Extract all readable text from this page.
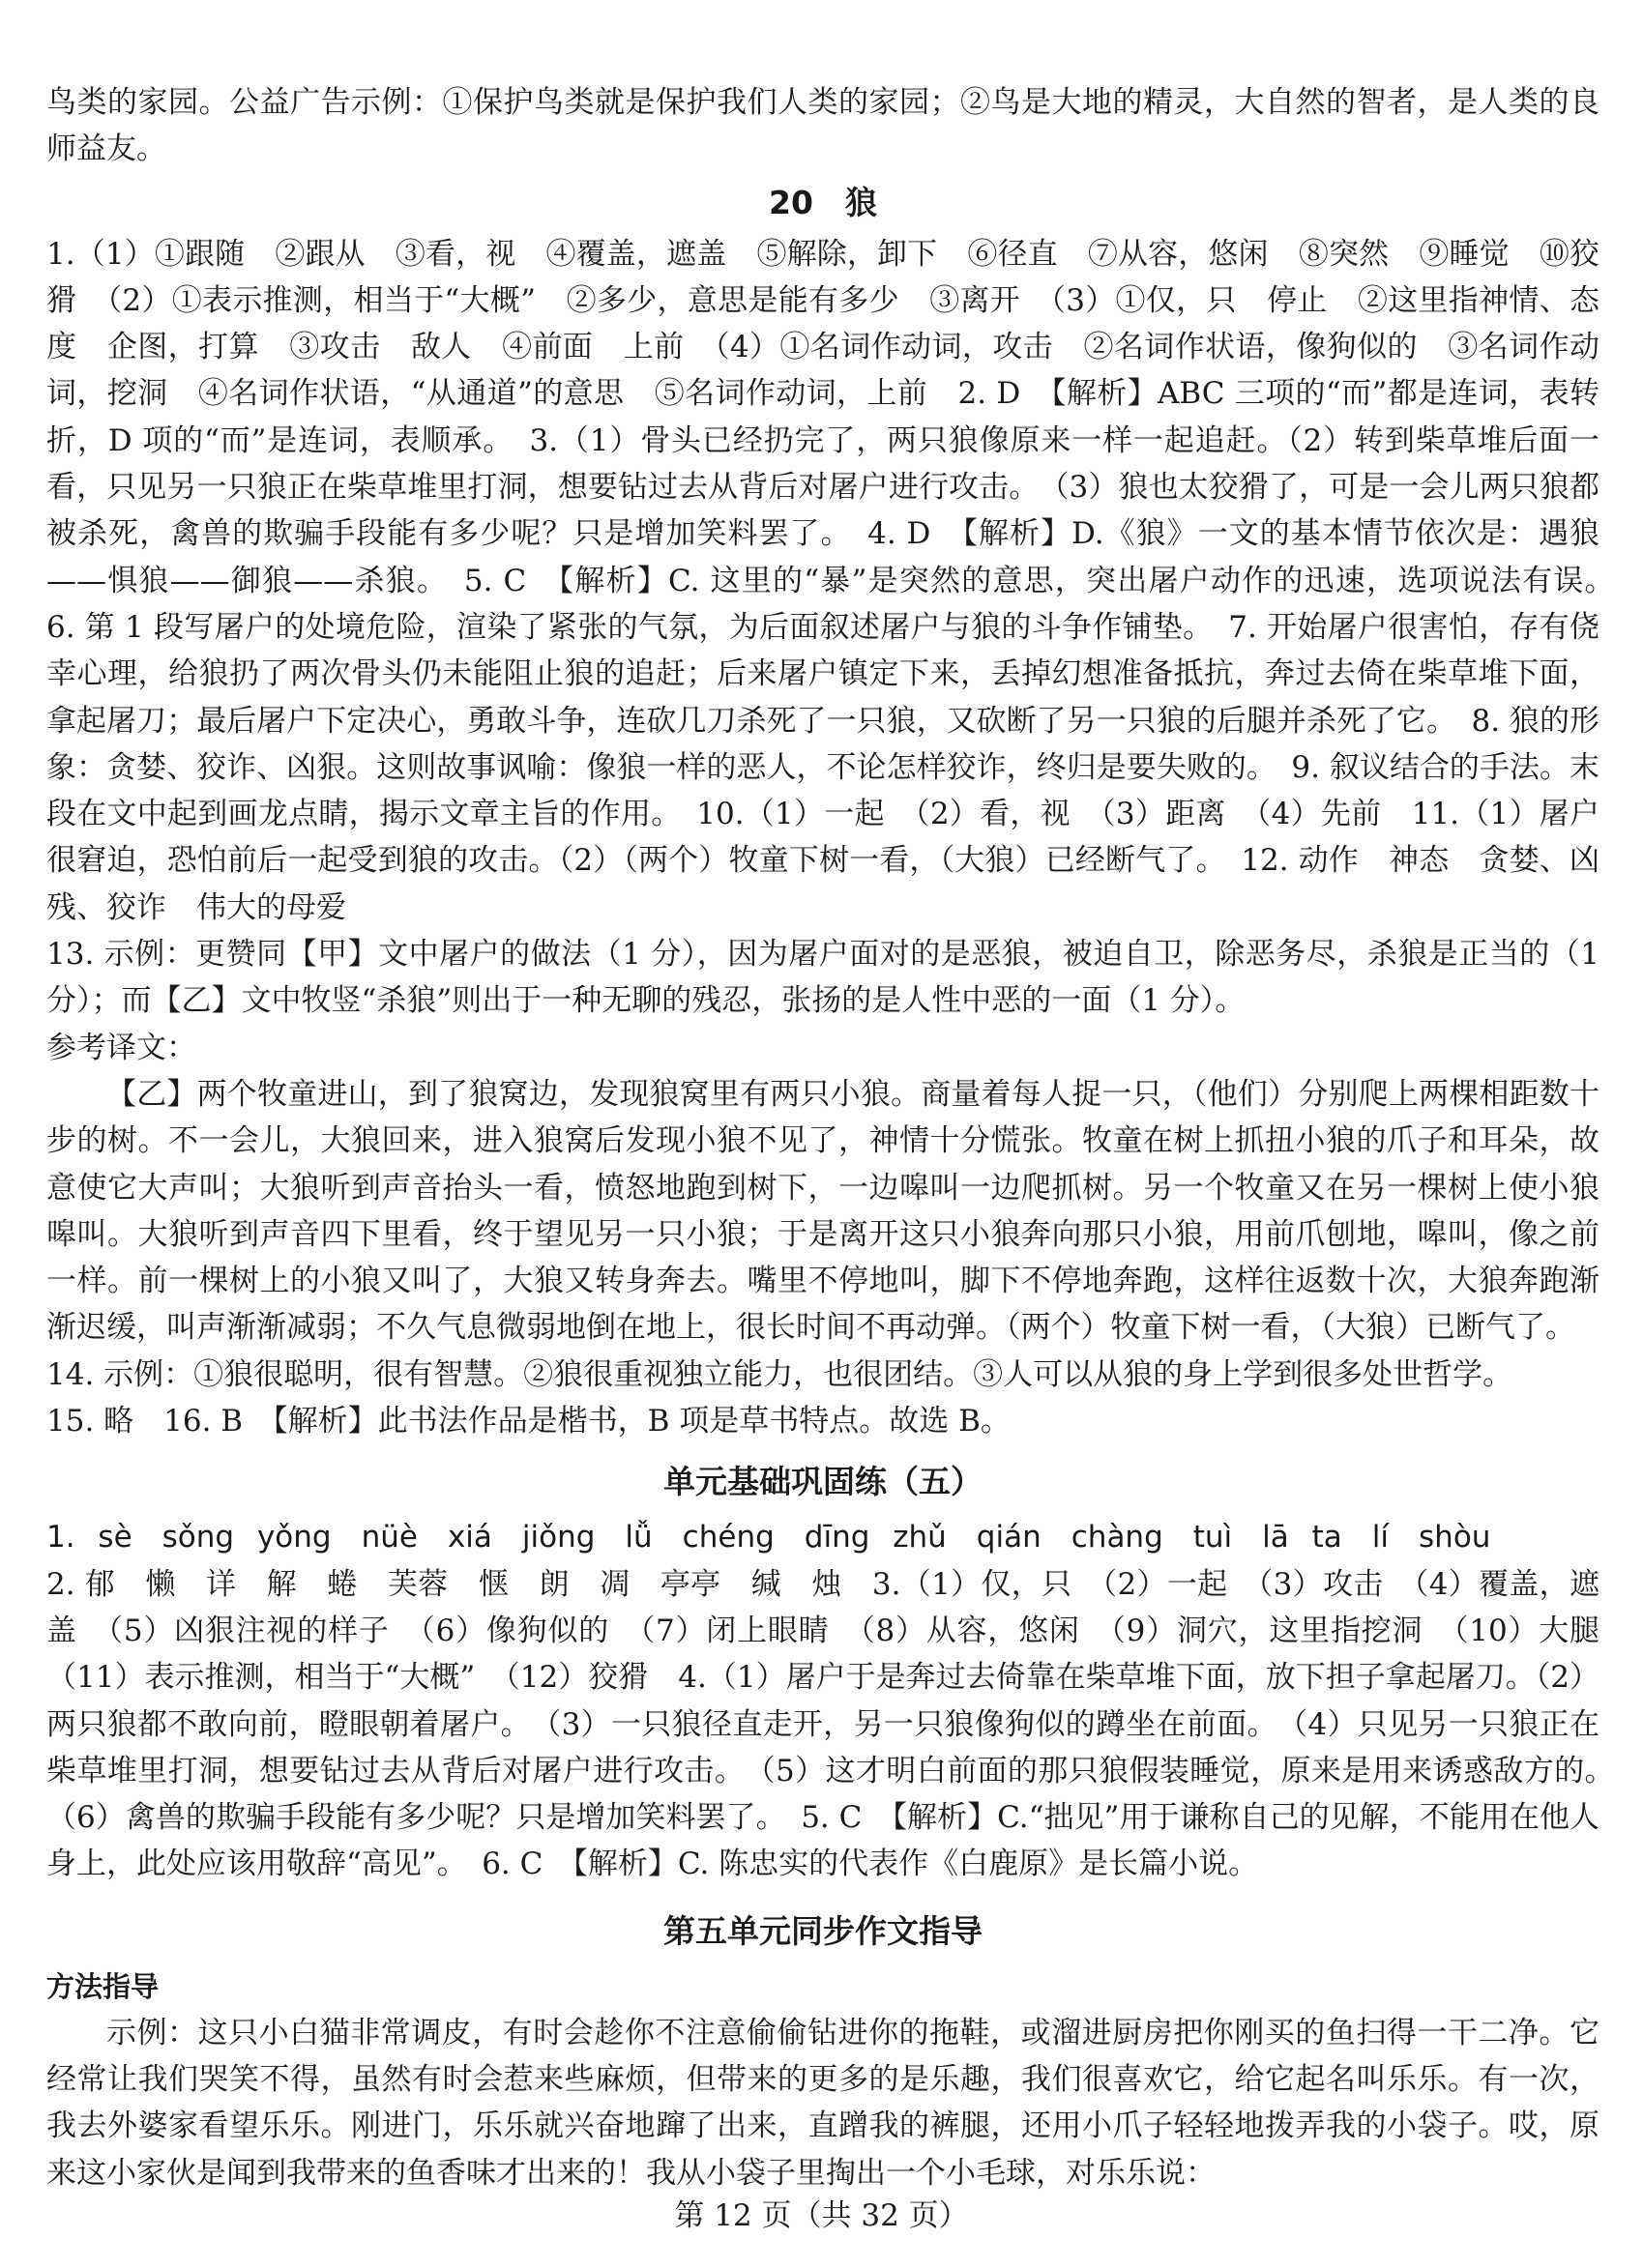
鸟类的家园。公益广告示例：①保护鸟类就是保护我们人类的家园；②鸟是大地的精灵，大自然的智者，是人类的良师益友。

20　狼

1.（1）①跟随　②跟从　③看，视　④覆盖，遮盖　⑤解除，卸下　⑥径直　⑦从容，悠闲　⑧突然　⑨睡觉　⑩狡猾　（2）①表示推测，相当于“大概”　②多少，意思是能有多少　③离开　（3）①仅，只　停止　②这里指神情、态度　企图，打算　③攻击　敌人　④前面　上前　（4）①名词作动词，攻击　②名词作状语，像狗似的　③名词作动词，挖洞　④名词作状语，“从通道”的意思　⑤名词作动词，上前　2. D　【解析】ABC 三项的“而”都是连词，表转折，D 项的“而”是连词，表顺承。　3.（1）骨头已经扔完了，两只狼像原来一样一起追赶。（2）转到柴草堆后面一看，只见另一只狼正在柴草堆里打洞，想要钻过去从背后对屠户进行攻击。　（3）狼也太狡猾了，可是一会儿两只狼都被杀死，禽兽的欺骗手段能有多少呢？只是增加笑料罢了。　4. D　【解析】D.《狼》一文的基本情节依次是：遇狼——惧狼——御狼——杀狼。　5. C　【解析】C. 这里的“暴”是突然的意思，突出屠户动作的迅速，选项说法有误。　6. 第 1 段写屠户的处境危险，渲染了紧张的气氛，为后面叙述屠户与狼的斗争作铺垫。　7. 开始屠户很害怕，存有侥幸心理，给狼扔了两次骨头仍未能阻止狼的追赶；后来屠户镇定下来，丢掉幻想准备抵抗，奔过去倚在柴草堆下面，拿起屠刀；最后屠户下定决心，勇敢斗争，连砍几刀杀死了一只狼，又砍断了另一只狼的后腿并杀死了它。　8. 狼的形象：贪婪、狡诈、凶狠。这则故事讽喻：像狼一样的恶人，不论怎样狡诈，终归是要失败的。　9. 叙议结合的手法。末段在文中起到画龙点睛，揭示文章主旨的作用。　10.（1）一起　（2）看，视　（3）距离　（4）先前　11.（1）屠户很窘迫，恐怕前后一起受到狼的攻击。（2）（两个）牧童下树一看，（大狼）已经断气了。　12. 动作　神态　贪婪、凶残、狡诈　伟大的母爱

13. 示例：更赞同【甲】文中屠户的做法（1 分），因为屠户面对的是恶狼，被迫自卫，除恶务尽，杀狼是正当的（1 分）；而【乙】文中牧竖“杀狼”则出于一种无聊的残忍，张扬的是人性中恶的一面（1 分）。

参考译文：

【乙】两个牧童进山，到了狼窝边，发现狼窝里有两只小狼。商量着每人捉一只，（他们）分别爬上两棵相距数十步的树。不一会儿，大狼回来，进入狼窝后发现小狼不见了，神情十分慌张。牧童在树上抓扭小狼的爪子和耳朵，故意使它大声叫；大狼听到声音抬头一看，愤怒地跑到树下，一边嗥叫一边爬抓树。另一个牧童又在另一棵树上使小狼嗥叫。大狼听到声音四下里看，终于望见另一只小狼；于是离开这只小狼奔向那只小狼，用前爪刨地，嗥叫，像之前一样。前一棵树上的小狼又叫了，大狼又转身奔去。嘴里不停地叫，脚下不停地奔跑，这样往返数十次，大狼奔跑渐渐迟缓，叫声渐渐减弱；不久气息微弱地倒在地上，很长时间不再动弹。（两个）牧童下树一看，（大狼）已断气了。

14. 示例：①狼很聪明，很有智慧。②狼很重视独立能力，也很团结。③人可以从狼的身上学到很多处世哲学。

15. 略　16. B　【解析】此书法作品是楷书，B 项是草书特点。故选 B。

单元基础巩固练（五）

1. sè　sǒng yǒng　nüè　xiá　jiǒng　lǚ　chéng　dīng zhǔ　qián　chàng　tuì　lā ta　lí　shòu

2. 郁　懒　详　解　蜷　芙蓉　惬　朗　凋　亭亭　缄　烛　3.（1）仅，只　（2）一起　（3）攻击　（4）覆盖，遮盖　（5）凶狠注视的样子　（6）像狗似的　（7）闭上眼睛　（8）从容，悠闲　（9）洞穴，这里指挖洞　（10）大腿　（11）表示推测，相当于“大概”　（12）狡猾　4.（1）屠户于是奔过去倚靠在柴草堆下面，放下担子拿起屠刀。（2）两只狼都不敢向前，瞪眼朝着屠户。　（3）一只狼径直走开，另一只狼像狗似的蹲坐在前面。　（4）只见另一只狼正在柴草堆里打洞，想要钻过去从背后对屠户进行攻击。　（5）这才明白前面的那只狼假装睡觉，原来是用来诱惑敌方的。　（6）禽兽的欺骗手段能有多少呢？只是增加笑料罢了。　5. C　【解析】C.“拙见”用于谦称自己的见解，不能用在他人身上，此处应该用敬辞“高见”。　6. C　【解析】C. 陈忠实的代表作《白鹿原》是长篇小说。

第五单元同步作文指导

方法指导

示例：这只小白猫非常调皮，有时会趁你不注意偷偷钻进你的拖鞋，或溜进厨房把你刚买的鱼扫得一干二净。它经常让我们哭笑不得，虽然有时会惹来些麻烦，但带来的更多的是乐趣，我们很喜欢它，给它起名叫乐乐。有一次，我去外婆家看望乐乐。刚进门，乐乐就兴奋地蹿了出来，直蹭我的裤腿，还用小爪子轻轻地拨弄我的小袋子。哎，原来这小家伙是闻到我带来的鱼香味才出来的！我从小袋子里掏出一个小毛球，对乐乐说：

第 12 页（共 32 页）
